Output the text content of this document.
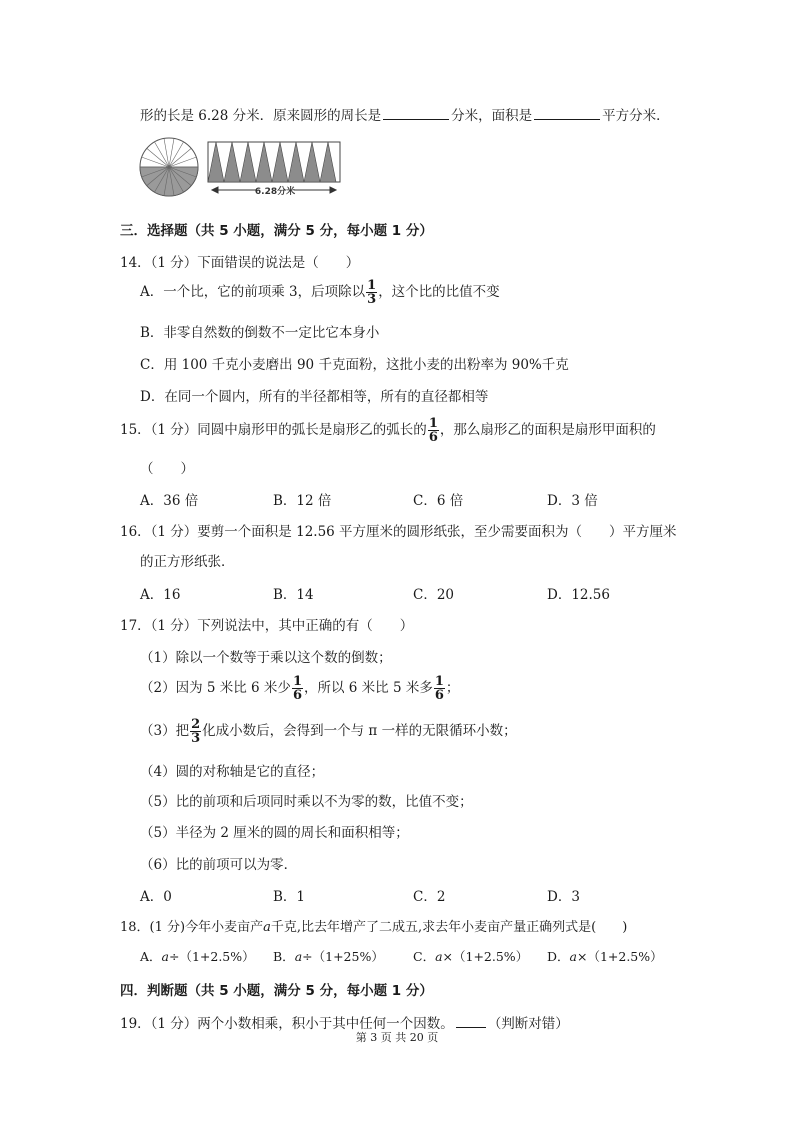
形的长是 6.28 分米．原来圆形的周长是	分米，面积是	平方分米．
6.28分米
三．选择题（共 5 小题，满分 5 分，每小题 1 分）
14．（1 分）下面错误的说法是（　　）
A．一个比，它的前项乘 3，后项除以 $\frac{1}{3}$ ，这个比的比值不变
B．非零自然数的倒数不一定比它本身小
C．用 100 千克小麦磨出 90 千克面粉，这批小麦的出粉率为 90%千克
D．在同一个圆内，所有的半径都相等，所有的直径都相等
15．（1 分）同圆中扇形甲的弧长是扇形乙的弧长的 $\frac{1}{6}$ ，那么扇形乙的面积是扇形甲面积的
（　　）
A．36 倍	B．12 倍	C．6 倍	D．3 倍
16．（1 分）要剪一个面积是 12.56 平方厘米的圆形纸张，至少需要面积为（　　）平方厘米
的正方形纸张．
A．16	B．14	C．20	D．12.56
17．（1 分）下列说法中，其中正确的有（　　）
（1）除以一个数等于乘以这个数的倒数；
（2）因为 5 米比 6 米少 $\frac{1}{6}$ ，所以 6 米比 5 米多 $\frac{1}{6}$ ；
（3）把 $\frac{2}{3}$ 化成小数后，会得到一个与 π 一样的无限循环小数；
（4）圆的对称轴是它的直径；
（5）比的前项和后项同时乘以不为零的数，比值不变；
（5）半径为 2 厘米的圆的周长和面积相等；
（6）比的前项可以为零．
A．0	B．1	C．2	D．3
18．(1 分)今年小麦亩产a千克,比去年增产了二成五,求去年小麦亩产量正确列式是(　　)
A．a÷（1+2.5%） B．a÷（1+25%） C．a×（1+2.5%） D．a×（1+2.5%）
四．判断题（共 5 小题，满分 5 分，每小题 1 分）
19．（1 分）两个小数相乘，积小于其中任何一个因数。	（判断对错）
第 3 页 共 20 页
